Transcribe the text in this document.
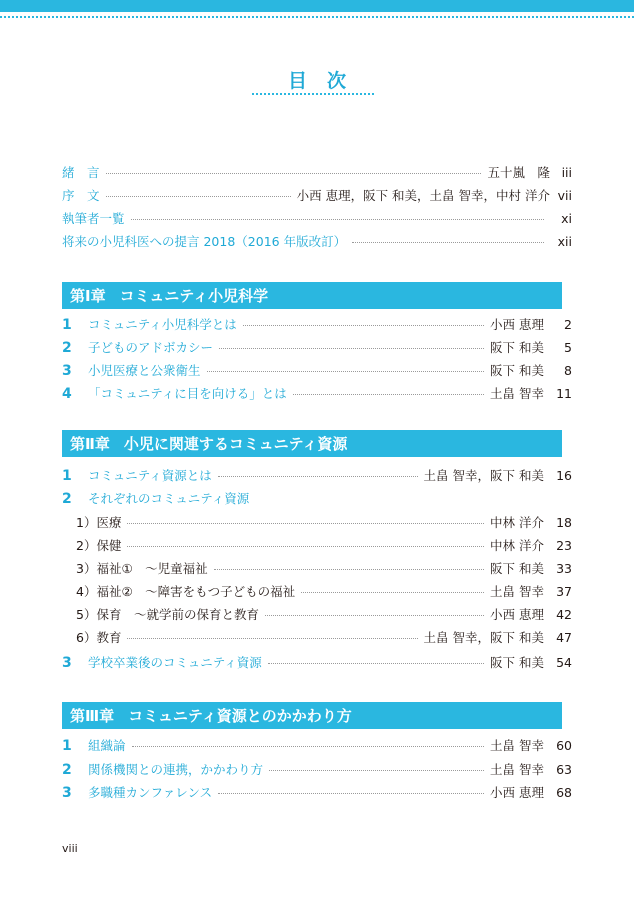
目次
緒　言	五十嵐　隆 iii
序　文	小西 恵理，阪下 和美，土畠 智幸，中村 洋介 vii
執筆者一覧	xi
将来の小児科医への提言 2018（2016 年版改訂）	xii
第Ⅰ章 コミュニティ小児科学
1 コミュニティ小児科学とは	小西 恵理	2
2 子どものアドボカシー	阪下 和美	5
3 小児医療と公衆衛生	阪下 和美	8
4 「コミュニティに目を向ける」とは	土畠 智幸 11
第Ⅱ章 小児に関連するコミュニティ資源
1 コミュニティ資源とは	土畠 智幸，阪下 和美 16
2 それぞれのコミュニティ資源
1）医療	中林 洋介 18
2）保健	中林 洋介 23
3）福祉①　～児童福祉	阪下 和美 33
4）福祉②　～障害をもつ子どもの福祉	土畠 智幸 37
5）保育　～就学前の保育と教育	小西 恵理 42
6）教育	土畠 智幸，阪下 和美 47
3 学校卒業後のコミュニティ資源	阪下 和美 54
第Ⅲ章 コミュニティ資源とのかかわり方
1 組織論	土畠 智幸 60
2 関係機関との連携，かかわり方	土畠 智幸 63
3 多職種カンファレンス	小西 恵理 68
viii
